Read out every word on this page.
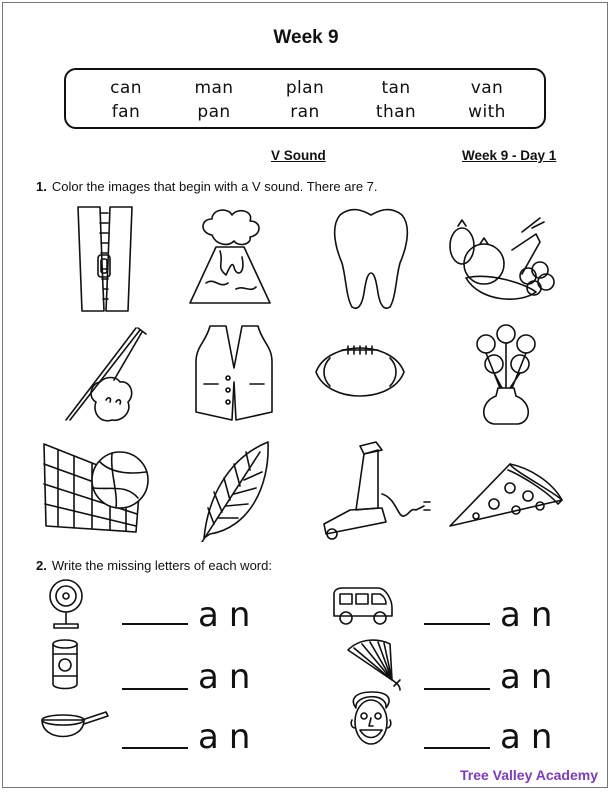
Week 9
can	man	plan	tan	van
fan	pan	ran	than	with
V Sound	Week 9 - Day 1
1. Color the images that begin with a V sound. There are 7.
2. Write the missing letters of each word:
an
an
an
an
an
an
Tree Valley Academy
